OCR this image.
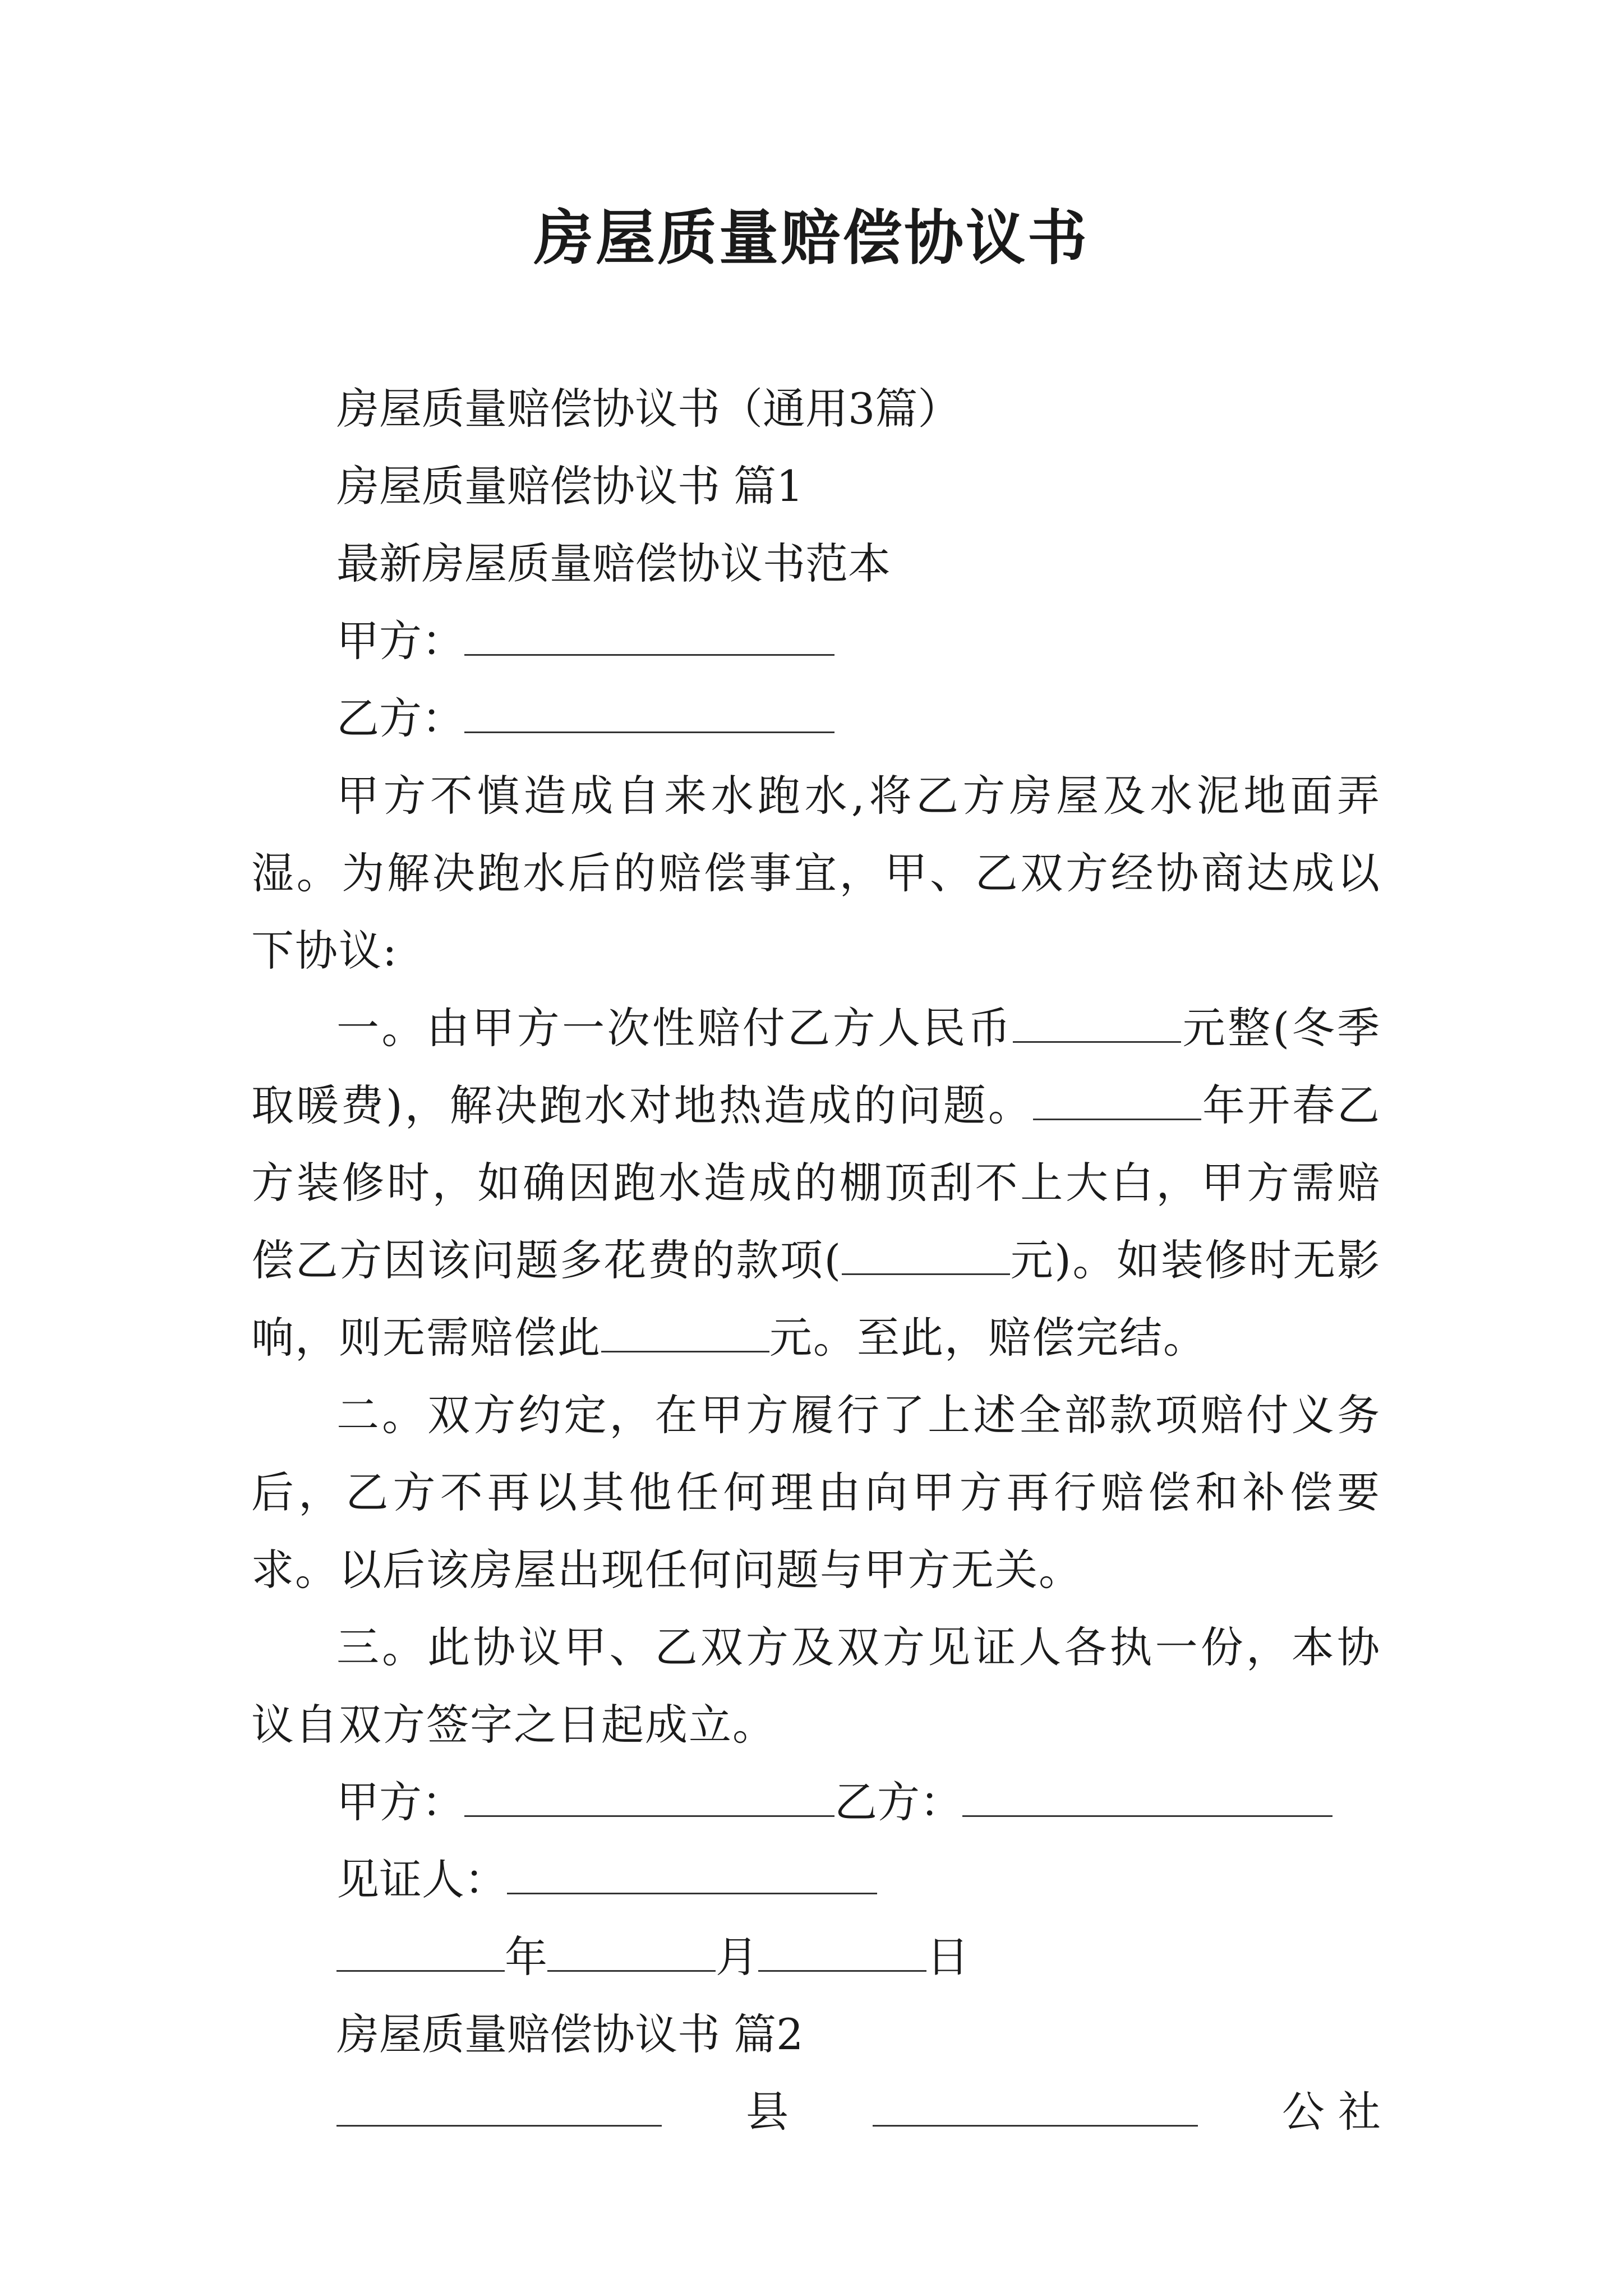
房屋质量赔偿协议书
房屋质量赔偿协议书（通用3篇）
房屋质量赔偿协议书 篇1
最新房屋质量赔偿协议书范本
甲方：
乙方：
甲方不慎造成自来水跑水,将乙方房屋及水泥地面弄湿。为解决跑水后的赔偿事宜，甲、乙双方经协商达成以下协议:
一。由甲方一次性赔付乙方人民币	元整(冬季取暖费)，解决跑水对地热造成的问题。	年开春乙方装修时，如确因跑水造成的棚顶刮不上大白，甲方需赔偿乙方因该问题多花费的款项(	元)。如装修时无影响，则无需赔偿此	元。至此，赔偿完结。
二。双方约定，在甲方履行了上述全部款项赔付义务后，乙方不再以其他任何理由向甲方再行赔偿和补偿要求。以后该房屋出现任何问题与甲方无关。
三。此协议甲、乙双方及双方见证人各执一份，本协议自双方签字之日起成立。
甲方：	乙方：
见证人：
年	月	日
房屋质量赔偿协议书 篇2
县	公 社
